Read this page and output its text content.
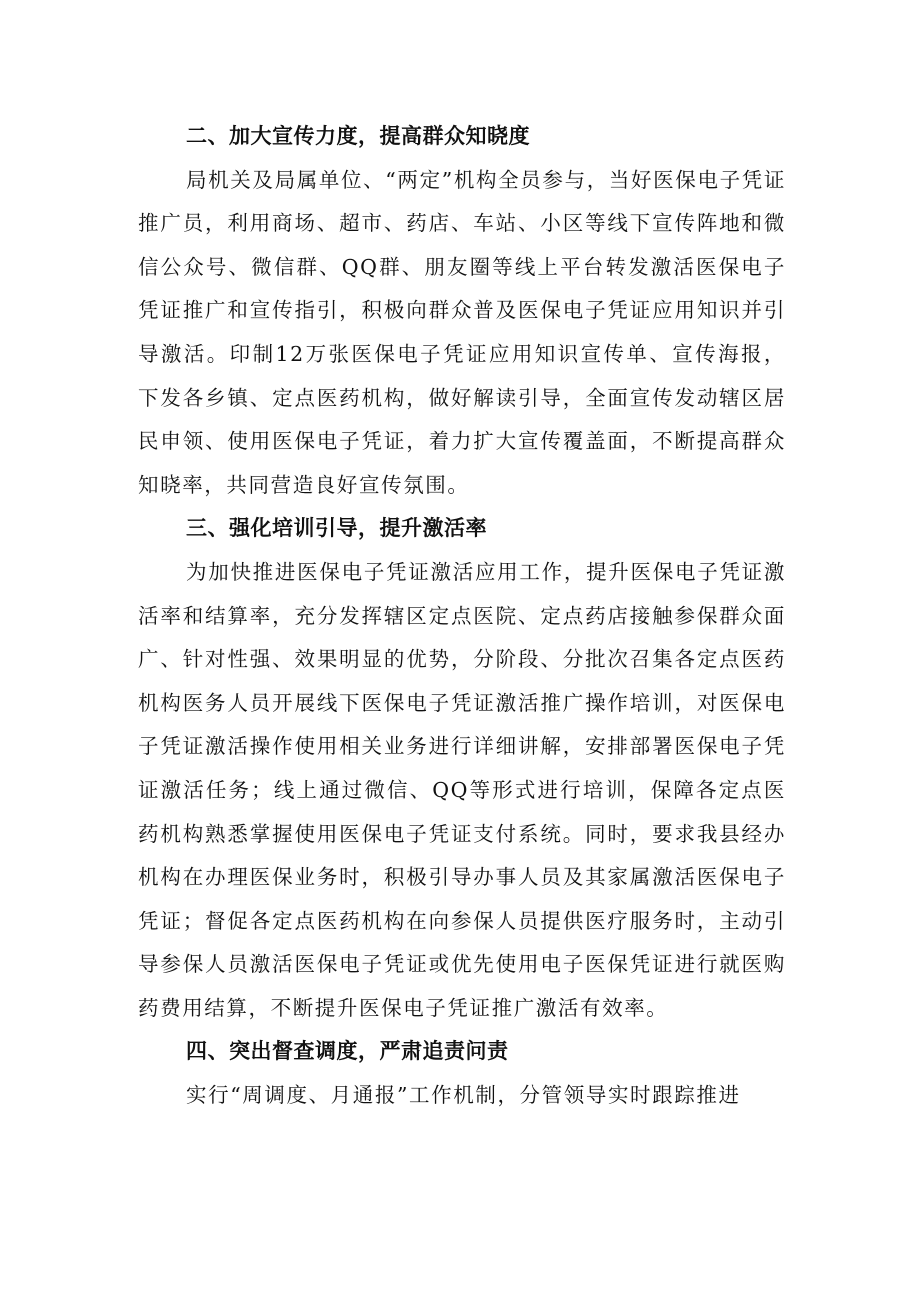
二、加大宣传力度，提高群众知晓度

局机关及局属单位、“两定”机构全员参与，当好医保电子凭证推广员，利用商场、超市、药店、车站、小区等线下宣传阵地和微信公众号、微信群、QQ群、朋友圈等线上平台转发激活医保电子凭证推广和宣传指引，积极向群众普及医保电子凭证应用知识并引导激活。印制12万张医保电子凭证应用知识宣传单、宣传海报，下发各乡镇、定点医药机构，做好解读引导，全面宣传发动辖区居民申领、使用医保电子凭证，着力扩大宣传覆盖面，不断提高群众知晓率，共同营造良好宣传氛围。

三、强化培训引导，提升激活率

为加快推进医保电子凭证激活应用工作，提升医保电子凭证激活率和结算率，充分发挥辖区定点医院、定点药店接触参保群众面广、针对性强、效果明显的优势，分阶段、分批次召集各定点医药机构医务人员开展线下医保电子凭证激活推广操作培训，对医保电子凭证激活操作使用相关业务进行详细讲解，安排部署医保电子凭证激活任务；线上通过微信、QQ等形式进行培训，保障各定点医药机构熟悉掌握使用医保电子凭证支付系统。同时，要求我县经办机构在办理医保业务时，积极引导办事人员及其家属激活医保电子凭证；督促各定点医药机构在向参保人员提供医疗服务时，主动引导参保人员激活医保电子凭证或优先使用电子医保凭证进行就医购药费用结算，不断提升医保电子凭证推广激活有效率。

四、突出督查调度，严肃追责问责

实行“周调度、月通报”工作机制，分管领导实时跟踪推进
